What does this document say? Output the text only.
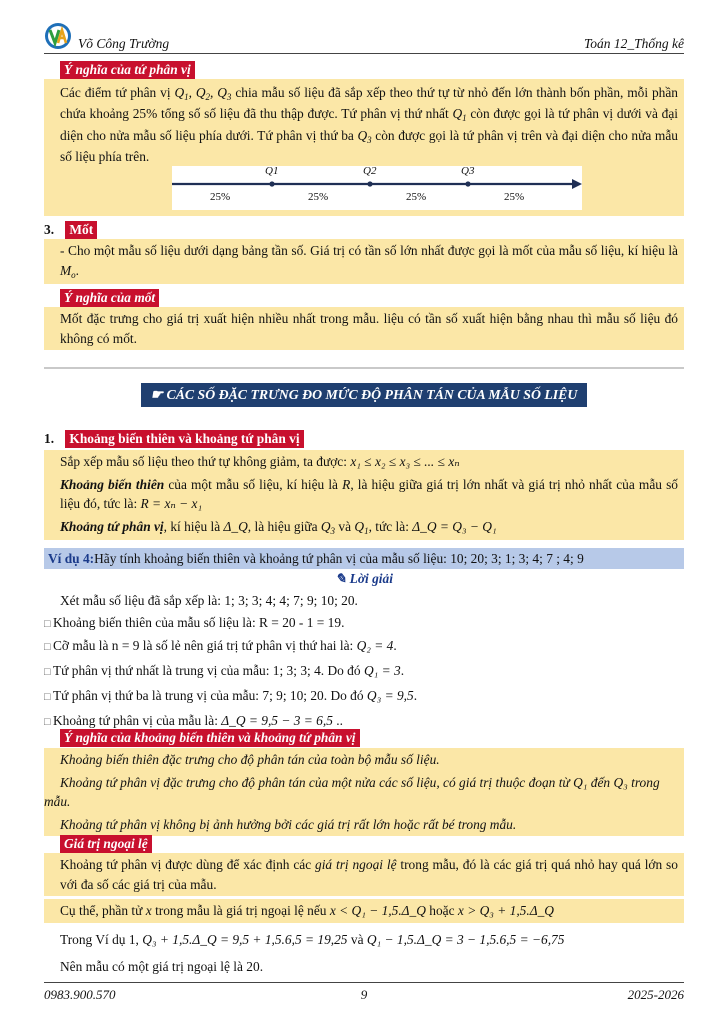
Võ Công Trường	Toán 12_Thống kê
Ý nghĩa của tứ phân vị
Các điểm tứ phân vị $Q_1$, $Q_2$, $Q_3$ chia mẫu số liệu đã sắp xếp theo thứ tự từ nhỏ đến lớn thành bốn phần, mỗi phần chứa khoảng 25% tổng số số liệu đã thu thập được. Tứ phân vị thứ nhất $Q_1$ còn được gọi là tứ phân vị dưới và đại diện cho nửa mẫu số liệu phía dưới. Tứ phân vị thứ ba $Q_3$ còn được gọi là tứ phân vị trên và đại diện cho nửa mẫu số liệu phía trên.
Q1	Q2	Q3
25%	25%	25%	25%
3. Mốt
- Cho một mẫu số liệu dưới dạng bảng tần số. Giá trị có tần số lớn nhất được gọi là mốt của mẫu số liệu, kí hiệu là $M_o$.
Ý nghĩa của mốt
Mốt đặc trưng cho giá trị xuất hiện nhiều nhất trong mẫu. liệu có tần số xuất hiện bằng nhau thì mẫu số liệu đó không có mốt.
☛ CÁC SỐ ĐẶC TRƯNG ĐO MỨC ĐỘ PHÂN TÁN CỦA MẪU SỐ LIỆU
1. Khoảng biến thiên và khoảng tứ phân vị
Sắp xếp mẫu số liệu theo thứ tự không giảm, ta được: x₁ ≤ x₂ ≤ x₃ ≤ ... ≤ xₙ
Khoảng biến thiên của một mẫu số liệu, kí hiệu là R, là hiệu giữa giá trị lớn nhất và giá trị nhỏ nhất của mẫu số liệu đó, tức là: R = xₙ − x₁
Khoảng tứ phân vị, kí hiệu là Δ_Q, là hiệu giữa $Q_3$ và $Q_1$, tức là: Δ_Q = Q₃ − Q₁
Ví dụ 4:Hãy tính khoảng biến thiên và khoảng tứ phân vị của mẫu số liệu: 10; 20; 3; 1; 3; 4; 7 ; 4; 9
✎ Lời giải
Xét mẫu số liệu đã sắp xếp là: 1; 3; 3; 4; 4; 7; 9; 10; 20.
□ Khoảng biến thiên của mẫu số liệu là: R = 20 - 1 = 19.
□ Cỡ mẫu là n = 9 là số lẻ nên giá trị tứ phân vị thứ hai là: Q₂ = 4.
□ Tứ phân vị thứ nhất là trung vị của mẫu: 1; 3; 3; 4. Do đó Q₁ = 3.
□ Tứ phân vị thứ ba là trung vị của mẫu: 7; 9; 10; 20. Do đó Q₃ = 9,5.
□ Khoảng tứ phân vị của mẫu là: Δ_Q = 9,5 − 3 = 6,5 ..
Ý nghĩa của khoảng biến thiên và khoảng tứ phân vị
Khoảng biến thiên đặc trưng cho độ phân tán của toàn bộ mẫu số liệu.
Khoảng tứ phân vị đặc trưng cho độ phân tán của một nửa các số liệu, có giá trị thuộc đoạn từ Q₁ đến Q₃ trong mẫu.
Khoảng tứ phân vị không bị ảnh hưởng bởi các giá trị rất lớn hoặc rất bé trong mẫu.
Giá trị ngoại lệ
Khoảng tứ phân vị được dùng để xác định các giá trị ngoại lệ trong mẫu, đó là các giá trị quá nhỏ hay quá lớn so với đa số các giá trị của mẫu.
Cụ thể, phần tử x trong mẫu là giá trị ngoại lệ nếu x < Q₁ − 1,5.Δ_Q hoặc x > Q₃ + 1,5.Δ_Q
Trong Ví dụ 1, Q₃ + 1,5.Δ_Q = 9,5 + 1,5.6,5 = 19,25 và Q₁ − 1,5.Δ_Q = 3 − 1,5.6,5 = −6,75
Nên mẫu có một giá trị ngoại lệ là 20.
0983.900.570	9	2025-2026
